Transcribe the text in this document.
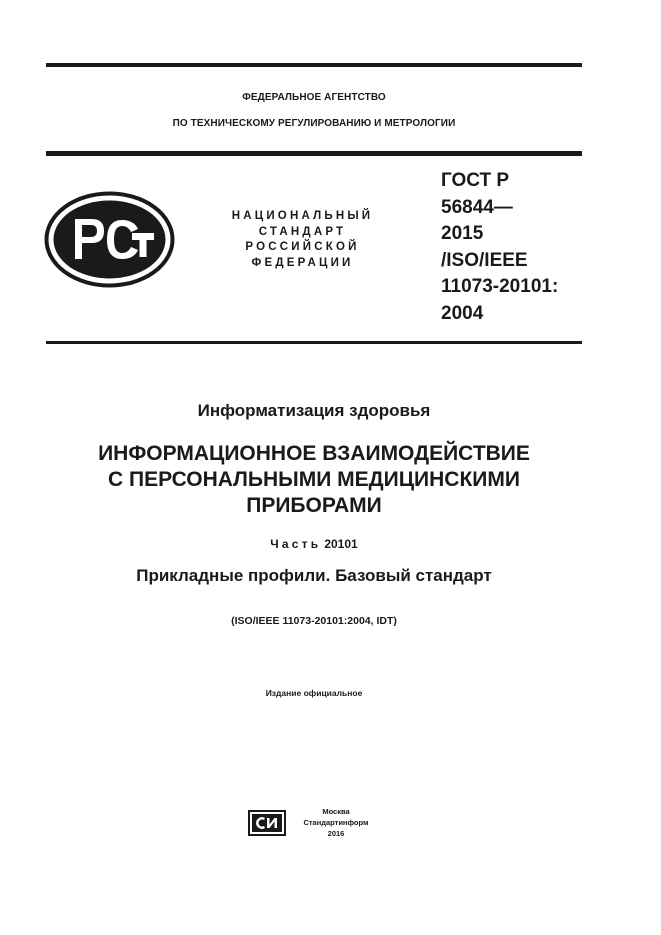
ФЕДЕРАЛЬНОЕ АГЕНТСТВО
ПО ТЕХНИЧЕСКОМУ РЕГУЛИРОВАНИЮ И МЕТРОЛОГИИ
НАЦИОНАЛЬНЫЙ
СТАНДАРТ
РОССИЙСКОЙ
ФЕДЕРАЦИИ
ГОСТ Р
56844—
2015
/ISO/IEEE
11073-20101:
2004
Информатизация здоровья
ИНФОРМАЦИОННОЕ ВЗАИМОДЕЙСТВИЕ
С ПЕРСОНАЛЬНЫМИ МЕДИЦИНСКИМИ
ПРИБОРАМИ
Часть 20101
Прикладные профили. Базовый стандарт
(ISO/IEEE 11073-20101:2004, IDT)
Издание официальное
Москва
Стандартинформ
2016
